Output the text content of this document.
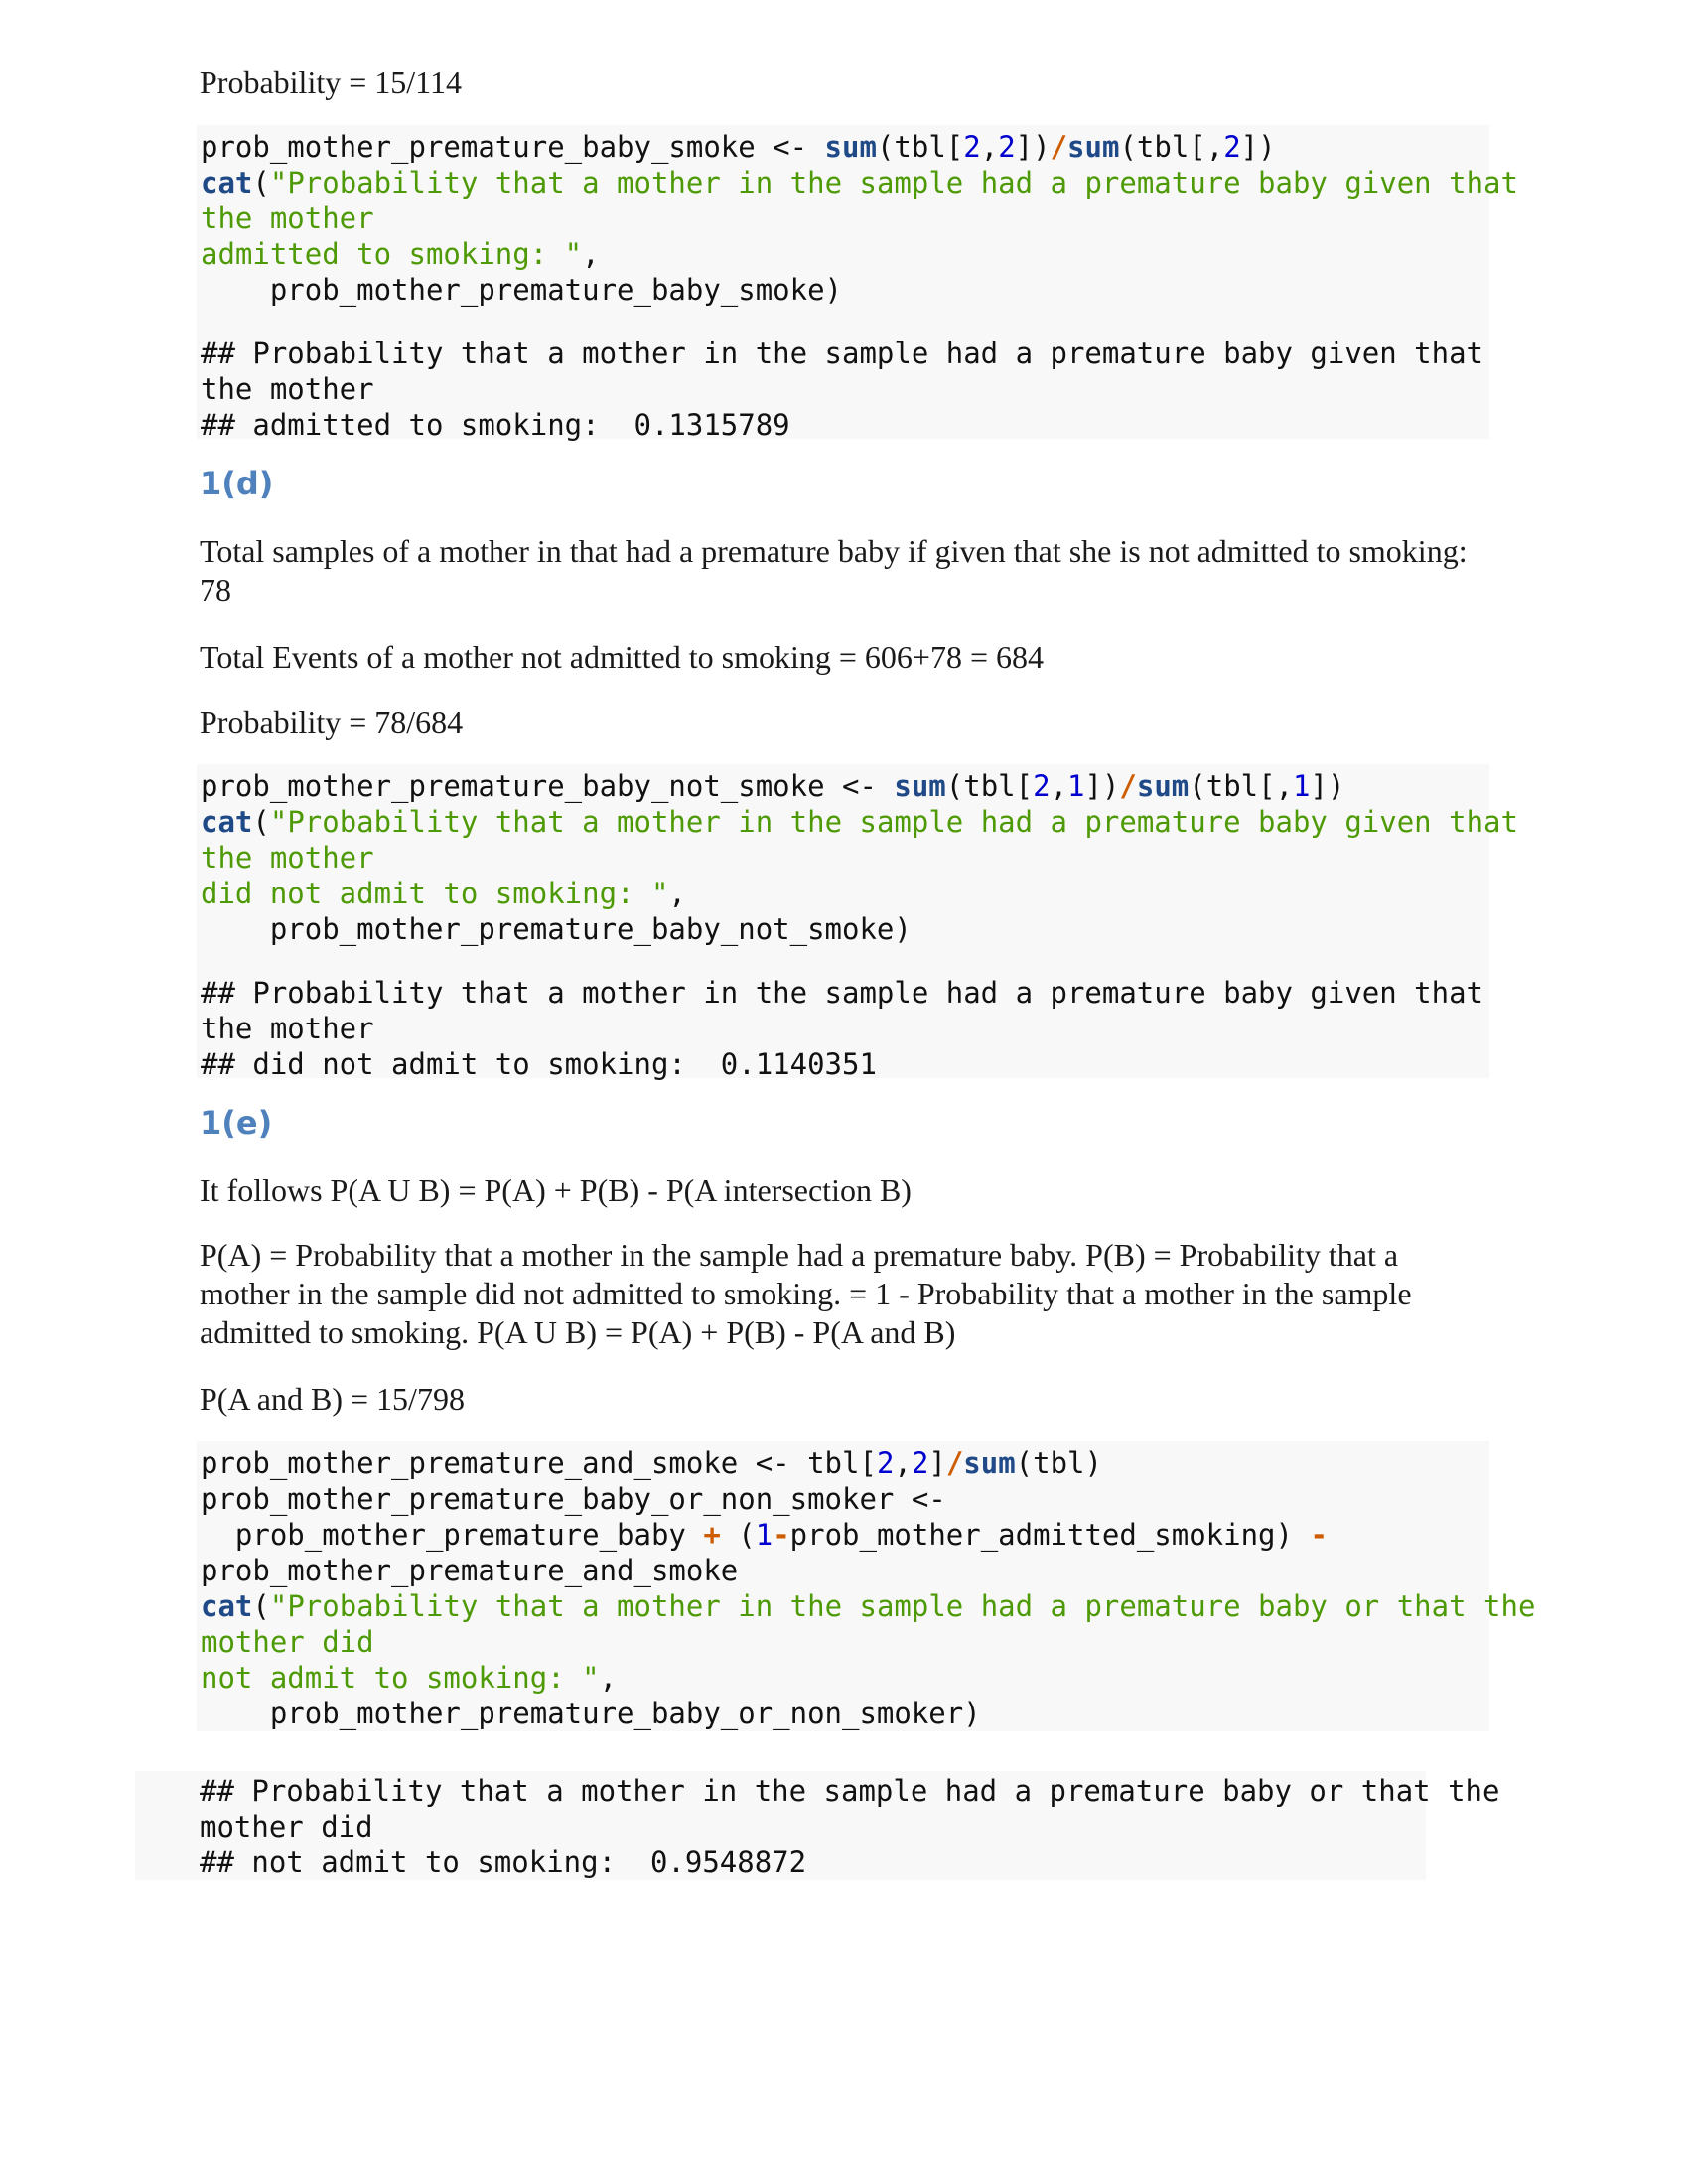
Probability = 15/114

prob_mother_premature_baby_smoke <- sum(tbl[2,2])/sum(tbl[,2])
cat("Probability that a mother in the sample had a premature baby given that
the mother
admitted to smoking: ",
prob_mother_premature_baby_smoke)
## Probability that a mother in the sample had a premature baby given that
the mother
## admitted to smoking:  0.1315789

1(d)

Total samples of a mother in that had a premature baby if given that she is not admitted to smoking: 78

Total Events of a mother not admitted to smoking = 606+78 = 684

Probability = 78/684

prob_mother_premature_baby_not_smoke <- sum(tbl[2,1])/sum(tbl[,1])
cat("Probability that a mother in the sample had a premature baby given that
the mother
did not admit to smoking: ",
prob_mother_premature_baby_not_smoke)
## Probability that a mother in the sample had a premature baby given that
the mother
## did not admit to smoking:  0.1140351

1(e)

It follows P(A U B) = P(A) + P(B) - P(A intersection B)

P(A) = Probability that a mother in the sample had a premature baby. P(B) = Probability that a mother in the sample did not admitted to smoking. = 1 - Probability that a mother in the sample admitted to smoking. P(A U B) = P(A) + P(B) - P(A and B)

P(A and B) = 15/798

prob_mother_premature_and_smoke <- tbl[2,2]/sum(tbl)
prob_mother_premature_baby_or_non_smoker <-
prob_mother_premature_baby + (1-prob_mother_admitted_smoking) -
prob_mother_premature_and_smoke
cat("Probability that a mother in the sample had a premature baby or that the
mother did
not admit to smoking: ",
prob_mother_premature_baby_or_non_smoker)
## Probability that a mother in the sample had a premature baby or that the
mother did
## not admit to smoking:  0.9548872
